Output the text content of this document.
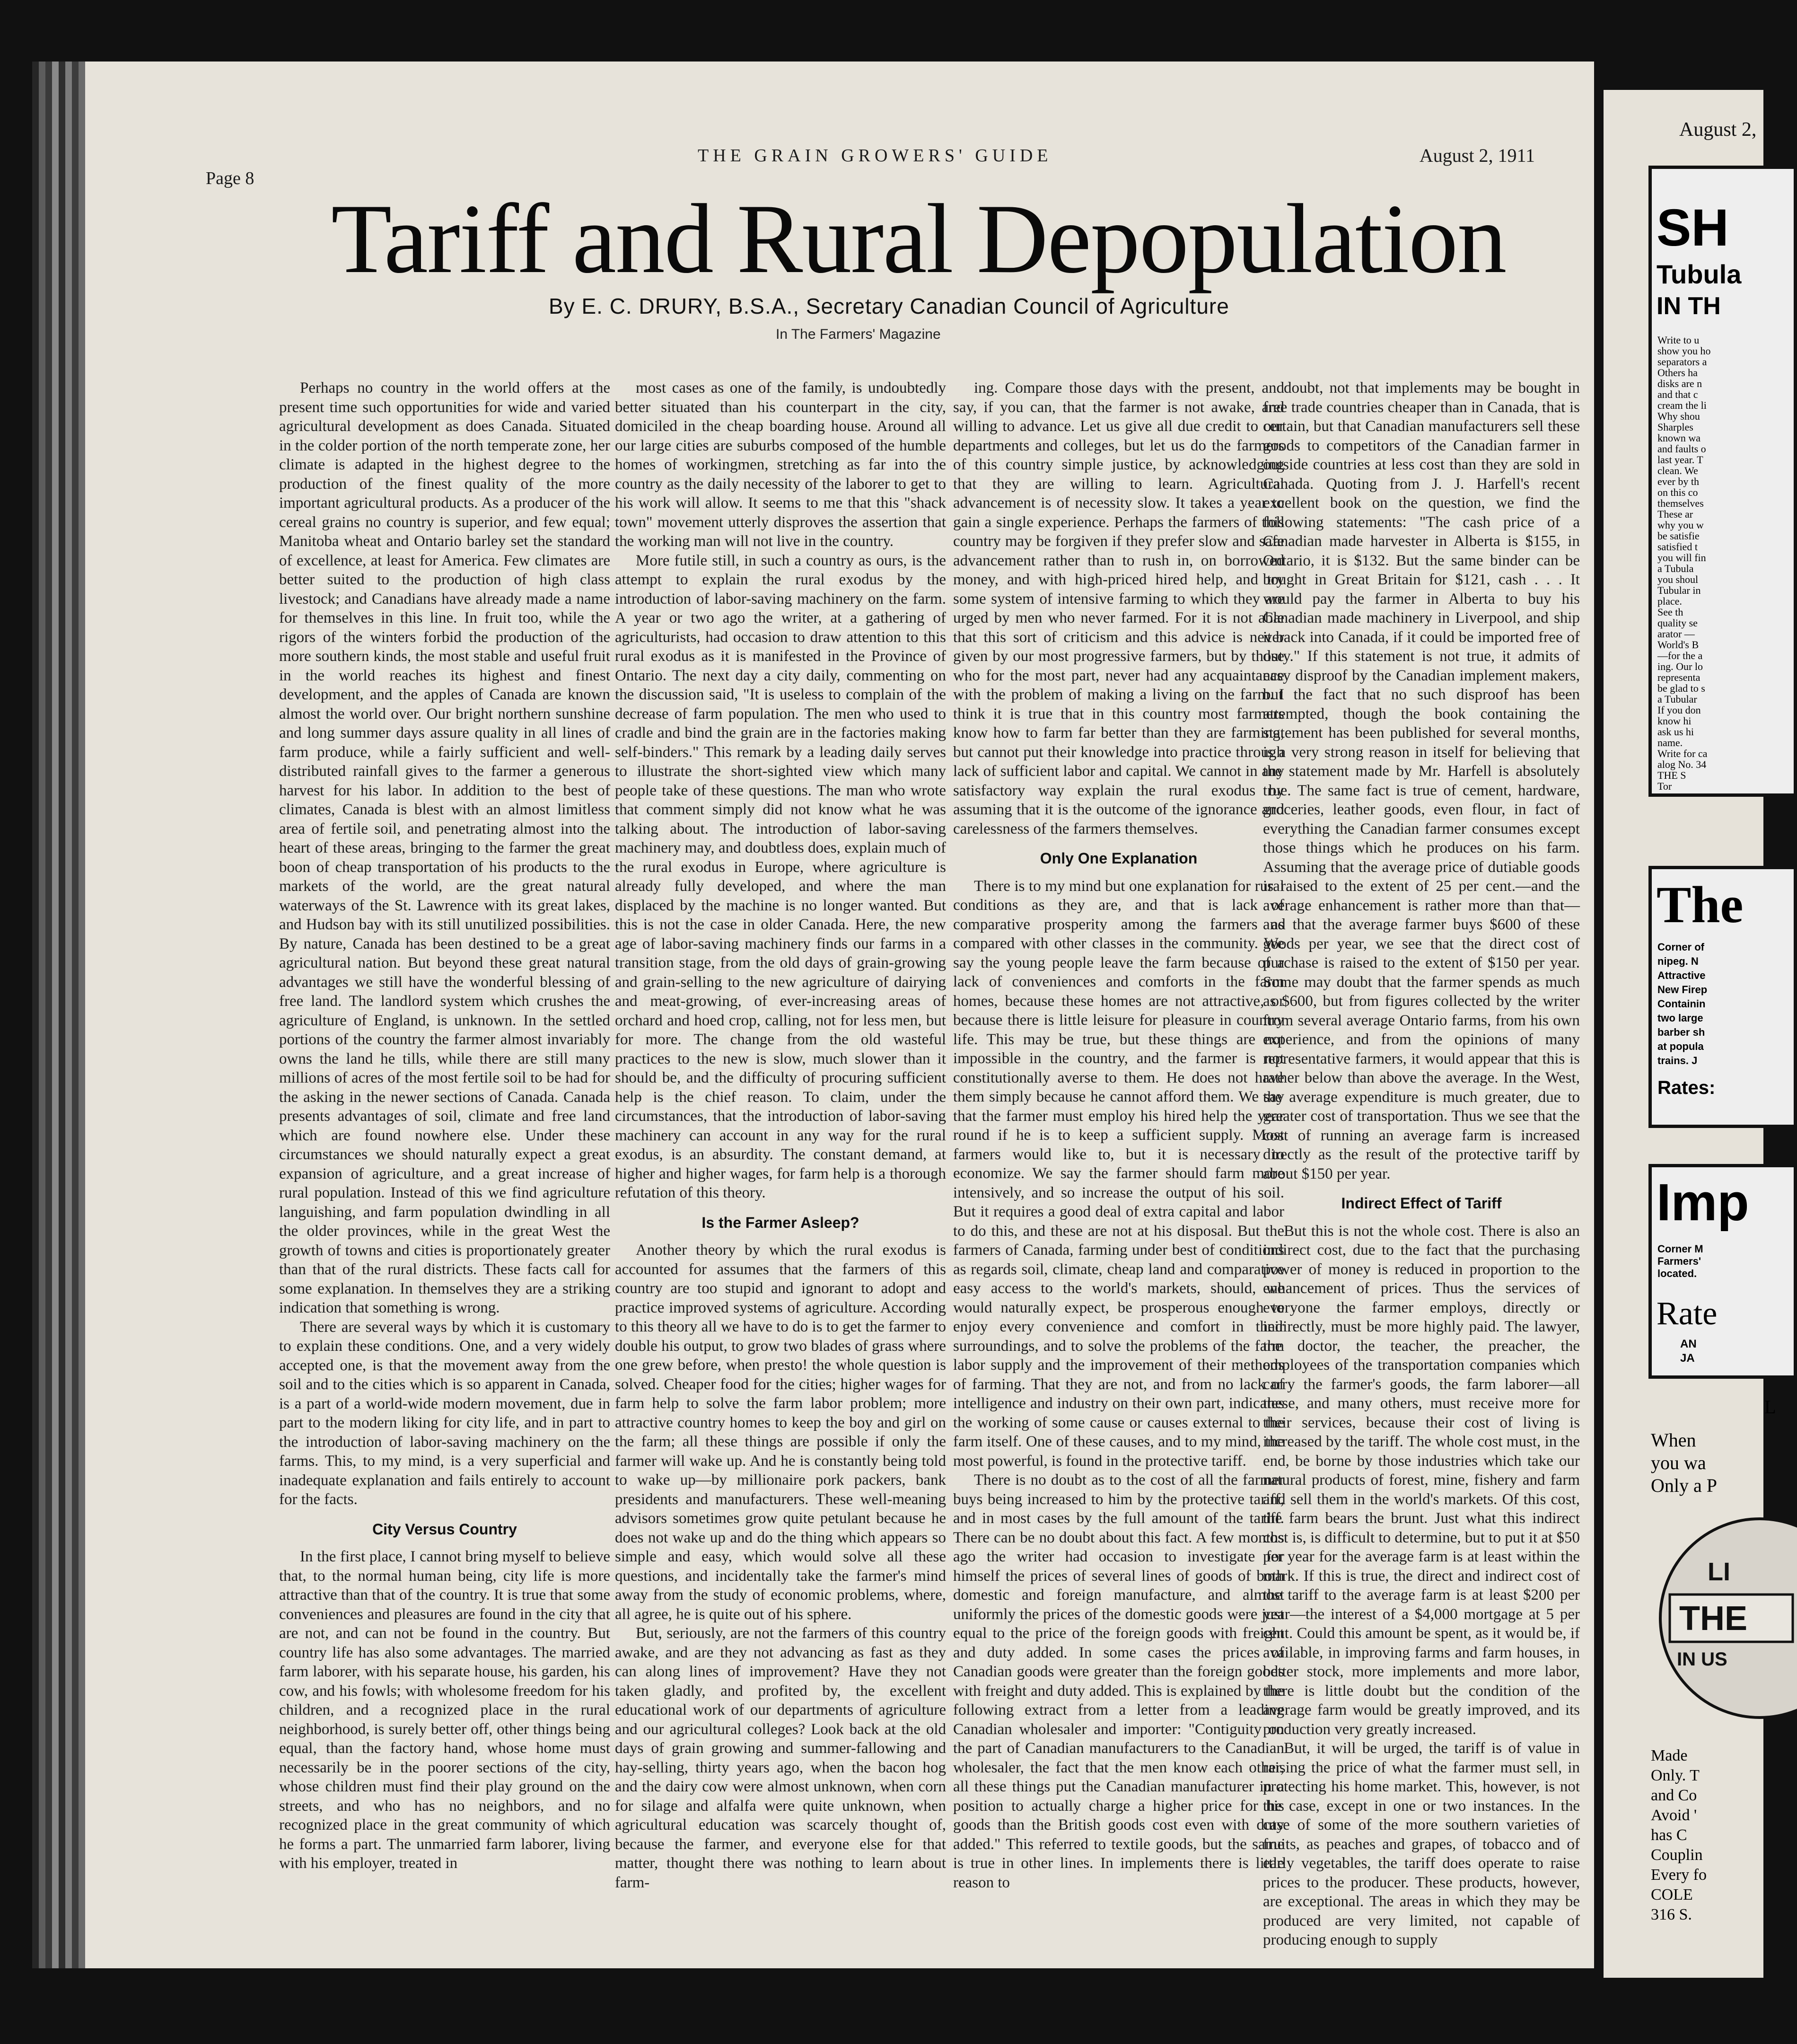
Page 8
THE GRAIN GROWERS' GUIDE	August 2, 1911
Tariff and Rural Depopulation
By E. C. DRURY, B.S.A., Secretary Canadian Council of Agriculture
In The Farmers' Magazine

Perhaps no country in the world offers at the present time such opportunities for wide and varied agricultural development as does Canada. Situated in the colder portion of the north temperate zone, her climate is adapted in the highest degree to the production of the finest quality of the more important agricultural products. As a producer of the cereal grains no country is superior, and few equal; Manitoba wheat and Ontario barley set the standard of excellence, at least for America. Few climates are better suited to the production of high class livestock; and Canadians have already made a name for themselves in this line. In fruit too, while the rigors of the winters forbid the production of the more southern kinds, the most stable and useful fruit in the world reaches its highest and finest development, and the apples of Canada are known almost the world over. Our bright northern sunshine and long summer days assure quality in all lines of farm produce, while a fairly sufficient and well-distributed rainfall gives to the farmer a generous harvest for his labor. In addition to the best of climates, Canada is blest with an almost limitless area of fertile soil, and penetrating almost into the heart of these areas, bringing to the farmer the great boon of cheap transportation of his products to the markets of the world, are the great natural waterways of the St. Lawrence with its great lakes, and Hudson bay with its still unutilized possibilities. By nature, Canada has been destined to be a great agricultural nation. But beyond these great natural advantages we still have the wonderful blessing of free land. The landlord system which crushes the agriculture of England, is unknown. In the settled portions of the country the farmer almost invariably owns the land he tills, while there are still many millions of acres of the most fertile soil to be had for the asking in the newer sections of Canada. Canada presents advantages of soil, climate and free land which are found nowhere else. Under these circumstances we should naturally expect a great expansion of agriculture, and a great increase of rural population. Instead of this we find agriculture languishing, and farm population dwindling in all the older provinces, while in the great West the growth of towns and cities is proportionately greater than that of the rural districts. These facts call for some explanation. In themselves they are a striking indication that something is wrong.

There are several ways by which it is customary to explain these conditions. One, and a very widely accepted one, is that the movement away from the soil and to the cities which is so apparent in Canada, is a part of a world-wide modern movement, due in part to the modern liking for city life, and in part to the introduction of labor-saving machinery on the farms. This, to my mind, is a very superficial and inadequate explanation and fails entirely to account for the facts.

City Versus Country

In the first place, I cannot bring myself to believe that, to the normal human being, city life is more attractive than that of the country. It is true that some conveniences and pleasures are found in the city that are not, and can not be found in the country. But country life has also some advantages. The married farm laborer, with his separate house, his garden, his cow, and his fowls; with wholesome freedom for his children, and a recognized place in the rural neighborhood, is surely better off, other things being equal, than the factory hand, whose home must necessarily be in the poorer sections of the city, whose children must find their play ground on the streets, and who has no neighbors, and no recognized place in the great community of which he forms a part. The unmarried farm laborer, living with his employer, treated in

most cases as one of the family, is undoubtedly better situated than his counterpart in the city, domiciled in the cheap boarding house. Around all our large cities are suburbs composed of the humble homes of workingmen, stretching as far into the country as the daily necessity of the laborer to get to his work will allow. It seems to me that this "shack town" movement utterly disproves the assertion that the working man will not live in the country.

More futile still, in such a country as ours, is the attempt to explain the rural exodus by the introduction of labor-saving machinery on the farm. A year or two ago the writer, at a gathering of agriculturists, had occasion to draw attention to this rural exodus as it is manifested in the Province of Ontario. The next day a city daily, commenting on the discussion said, "It is useless to complain of the decrease of farm population. The men who used to cradle and bind the grain are in the factories making self-binders." This remark by a leading daily serves to illustrate the short-sighted view which many people take of these questions. The man who wrote that comment simply did not know what he was talking about. The introduction of labor-saving machinery may, and doubtless does, explain much of the rural exodus in Europe, where agriculture is already fully developed, and where the man displaced by the machine is no longer wanted. But this is not the case in older Canada. Here, the new age of labor-saving machinery finds our farms in a transition stage, from the old days of grain-growing and grain-selling to the new agriculture of dairying and meat-growing, of ever-increasing areas of orchard and hoed crop, calling, not for less men, but for more. The change from the old wasteful practices to the new is slow, much slower than it should be, and the difficulty of procuring sufficient help is the chief reason. To claim, under the circumstances, that the introduction of labor-saving machinery can account in any way for the rural exodus, is an absurdity. The constant demand, at higher and higher wages, for farm help is a thorough refutation of this theory.

Is the Farmer Asleep?

Another theory by which the rural exodus is accounted for assumes that the farmers of this country are too stupid and ignorant to adopt and practice improved systems of agriculture. According to this theory all we have to do is to get the farmer to double his output, to grow two blades of grass where one grew before, when presto! the whole question is solved. Cheaper food for the cities; higher wages for farm help to solve the farm labor problem; more attractive country homes to keep the boy and girl on the farm; all these things are possible if only the farmer will wake up. And he is constantly being told to wake up—by millionaire pork packers, bank presidents and manufacturers. These well-meaning advisors sometimes grow quite petulant because he does not wake up and do the thing which appears so simple and easy, which would solve all these questions, and incidentally take the farmer's mind away from the study of economic problems, where, all agree, he is quite out of his sphere.

But, seriously, are not the farmers of this country awake, and are they not advancing as fast as they can along lines of improvement? Have they not taken gladly, and profited by, the excellent educational work of our departments of agriculture and our agricultural colleges? Look back at the old days of grain growing and summer-fallowing and hay-selling, thirty years ago, when the bacon hog and the dairy cow were almost unknown, when corn for silage and alfalfa were quite unknown, when agricultural education was scarcely thought of, because the farmer, and everyone else for that matter, thought there was nothing to learn about farm-

ing. Compare those days with the present, and say, if you can, that the farmer is not awake, and willing to advance. Let us give all due credit to our departments and colleges, but let us do the farmers of this country simple justice, by acknowledging that they are willing to learn. Agricultural advancement is of necessity slow. It takes a year to gain a single experience. Perhaps the farmers of this country may be forgiven if they prefer slow and safe advancement rather than to rush in, on borrowed money, and with high-priced hired help, and try some system of intensive farming to which they are urged by men who never farmed. For it is not able that this sort of criticism and this advice is never given by our most progressive farmers, but by those who for the most part, never had any acquaintance with the problem of making a living on the farm. I think it is true that in this country most farmers know how to farm far better than they are farming, but cannot put their knowledge into practice through lack of sufficient labor and capital. We cannot in any satisfactory way explain the rural exodus by assuming that it is the outcome of the ignorance and carelessness of the farmers themselves.

Only One Explanation

There is to my mind but one explanation for rural conditions as they are, and that is lack of comparative prosperity among the farmers as compared with other classes in the community. We say the young people leave the farm because of a lack of conveniences and comforts in the farm homes, because these homes are not attractive, or because there is little leisure for pleasure in country life. This may be true, but these things are not impossible in the country, and the farmer is not constitutionally averse to them. He does not have them simply because he cannot afford them. We say that the farmer must employ his hired help the year round if he is to keep a sufficient supply. Most farmers would like to, but it is necessary to economize. We say the farmer should farm more intensively, and so increase the output of his soil. But it requires a good deal of extra capital and labor to do this, and these are not at his disposal. But the farmers of Canada, farming under best of conditions as regards soil, climate, cheap land and comparative easy access to the world's markets, should, we would naturally expect, be prosperous enough to enjoy every convenience and comfort in their surroundings, and to solve the problems of the farm labor supply and the improvement of their methods of farming. That they are not, and from no lack of intelligence and industry on their own part, indicates the working of some cause or causes external to the farm itself. One of these causes, and to my mind, the most powerful, is found in the protective tariff.

There is no doubt as to the cost of all the farmer buys being increased to him by the protective tariff, and in most cases by the full amount of the tariff. There can be no doubt about this fact. A few months ago the writer had occasion to investigate for himself the prices of several lines of goods of both domestic and foreign manufacture, and almost uniformly the prices of the domestic goods were just equal to the price of the foreign goods with freight and duty added. In some cases the prices of Canadian goods were greater than the foreign goods with freight and duty added. This is explained by the following extract from a letter from a leading Canadian wholesaler and importer: "Contiguity on the part of Canadian manufacturers to the Canadian wholesaler, the fact that the men know each other, all these things put the Canadian manufacturer in a position to actually charge a higher price for his goods than the British goods cost even with duty added." This referred to textile goods, but the same is true in other lines. In implements there is little reason to

doubt, not that implements may be bought in free trade countries cheaper than in Canada, that is certain, but that Canadian manufacturers sell these goods to competitors of the Canadian farmer in outside countries at less cost than they are sold in Canada. Quoting from J. J. Harfell's recent excellent book on the question, we find the following statements: "The cash price of a Canadian made harvester in Alberta is $155, in Ontario, it is $132. But the same binder can be bought in Great Britain for $121, cash . . . It would pay the farmer in Alberta to buy his Canadian made machinery in Liverpool, and ship it back into Canada, if it could be imported free of duty." If this statement is not true, it admits of easy disproof by the Canadian implement makers, but the fact that no such disproof has been attempted, though the book containing the statement has been published for several months, is a very strong reason in itself for believing that the statement made by Mr. Harfell is absolutely true. The same fact is true of cement, hardware, groceries, leather goods, even flour, in fact of everything the Canadian farmer consumes except those things which he produces on his farm. Assuming that the average price of dutiable goods is raised to the extent of 25 per cent.—and the average enhancement is rather more than that—and that the average farmer buys $600 of these goods per year, we see that the direct cost of purchase is raised to the extent of $150 per year. Some may doubt that the farmer spends as much as $600, but from figures collected by the writer from several average Ontario farms, from his own experience, and from the opinions of many representative farmers, it would appear that this is rather below than above the average. In the West, the average expenditure is much greater, due to greater cost of transportation. Thus we see that the cost of running an average farm is increased directly as the result of the protective tariff by about $150 per year.

Indirect Effect of Tariff

But this is not the whole cost. There is also an indirect cost, due to the fact that the purchasing power of money is reduced in proportion to the enhancement of prices. Thus the services of everyone the farmer employs, directly or indirectly, must be more highly paid. The lawyer, the doctor, the teacher, the preacher, the employees of the transportation companies which carry the farmer's goods, the farm laborer—all these, and many others, must receive more for their services, because their cost of living is increased by the tariff. The whole cost must, in the end, be borne by those industries which take our natural products of forest, mine, fishery and farm and sell them in the world's markets. Of this cost, the farm bears the brunt. Just what this indirect cost is, is difficult to determine, but to put it at $50 per year for the average farm is at least within the mark. If this is true, the direct and indirect cost of the tariff to the average farm is at least $200 per year—the interest of a $4,000 mortgage at 5 per cent. Could this amount be spent, as it would be, if available, in improving farms and farm houses, in better stock, more implements and more labor, there is little doubt but the condition of the average farm would be greatly improved, and its production very greatly increased.

But, it will be urged, the tariff is of value in raising the price of what the farmer must sell, in protecting his home market. This, however, is not the case, except in one or two instances. In the case of some of the more southern varieties of fruits, as peaches and grapes, of tobacco and of early vegetables, the tariff does operate to raise prices to the producer. These products, however, are exceptional. The areas in which they may be produced are very limited, not capable of producing enough to supply

August 2,
SH
Tubula
IN TH
Write to u
show you ho
separators a
Others ha
disks are n
and that c
cream the li
Why shou
Sharples
known wa
and faults o
last year. T
clean. We
ever by th
on this co
themselves
These ar
why you w
be satisfie
satisfied t
you will fin
a Tubula
you shoul
Tubular in
place.
See th
quality se
arator —
World's B
—for the a
ing. Our lo
representa
be glad to s
a Tubular
If you don
know hi
ask us hi
name.
Write for ca
alog No. 34
THE S
Tor
The
Corner of
nipeg. N
Attractive
New Firep
Containin
two large
barber sh
at popula
trains. J
Rates:
Imp
Corner M
Farmers'
located.
Rate
AN
JA
L
When
you wa
Only a P
LI
THE
IN US
Made
Only. T
and Co
Avoid '
has C
Couplin
Every fo
COLE
316 S.
